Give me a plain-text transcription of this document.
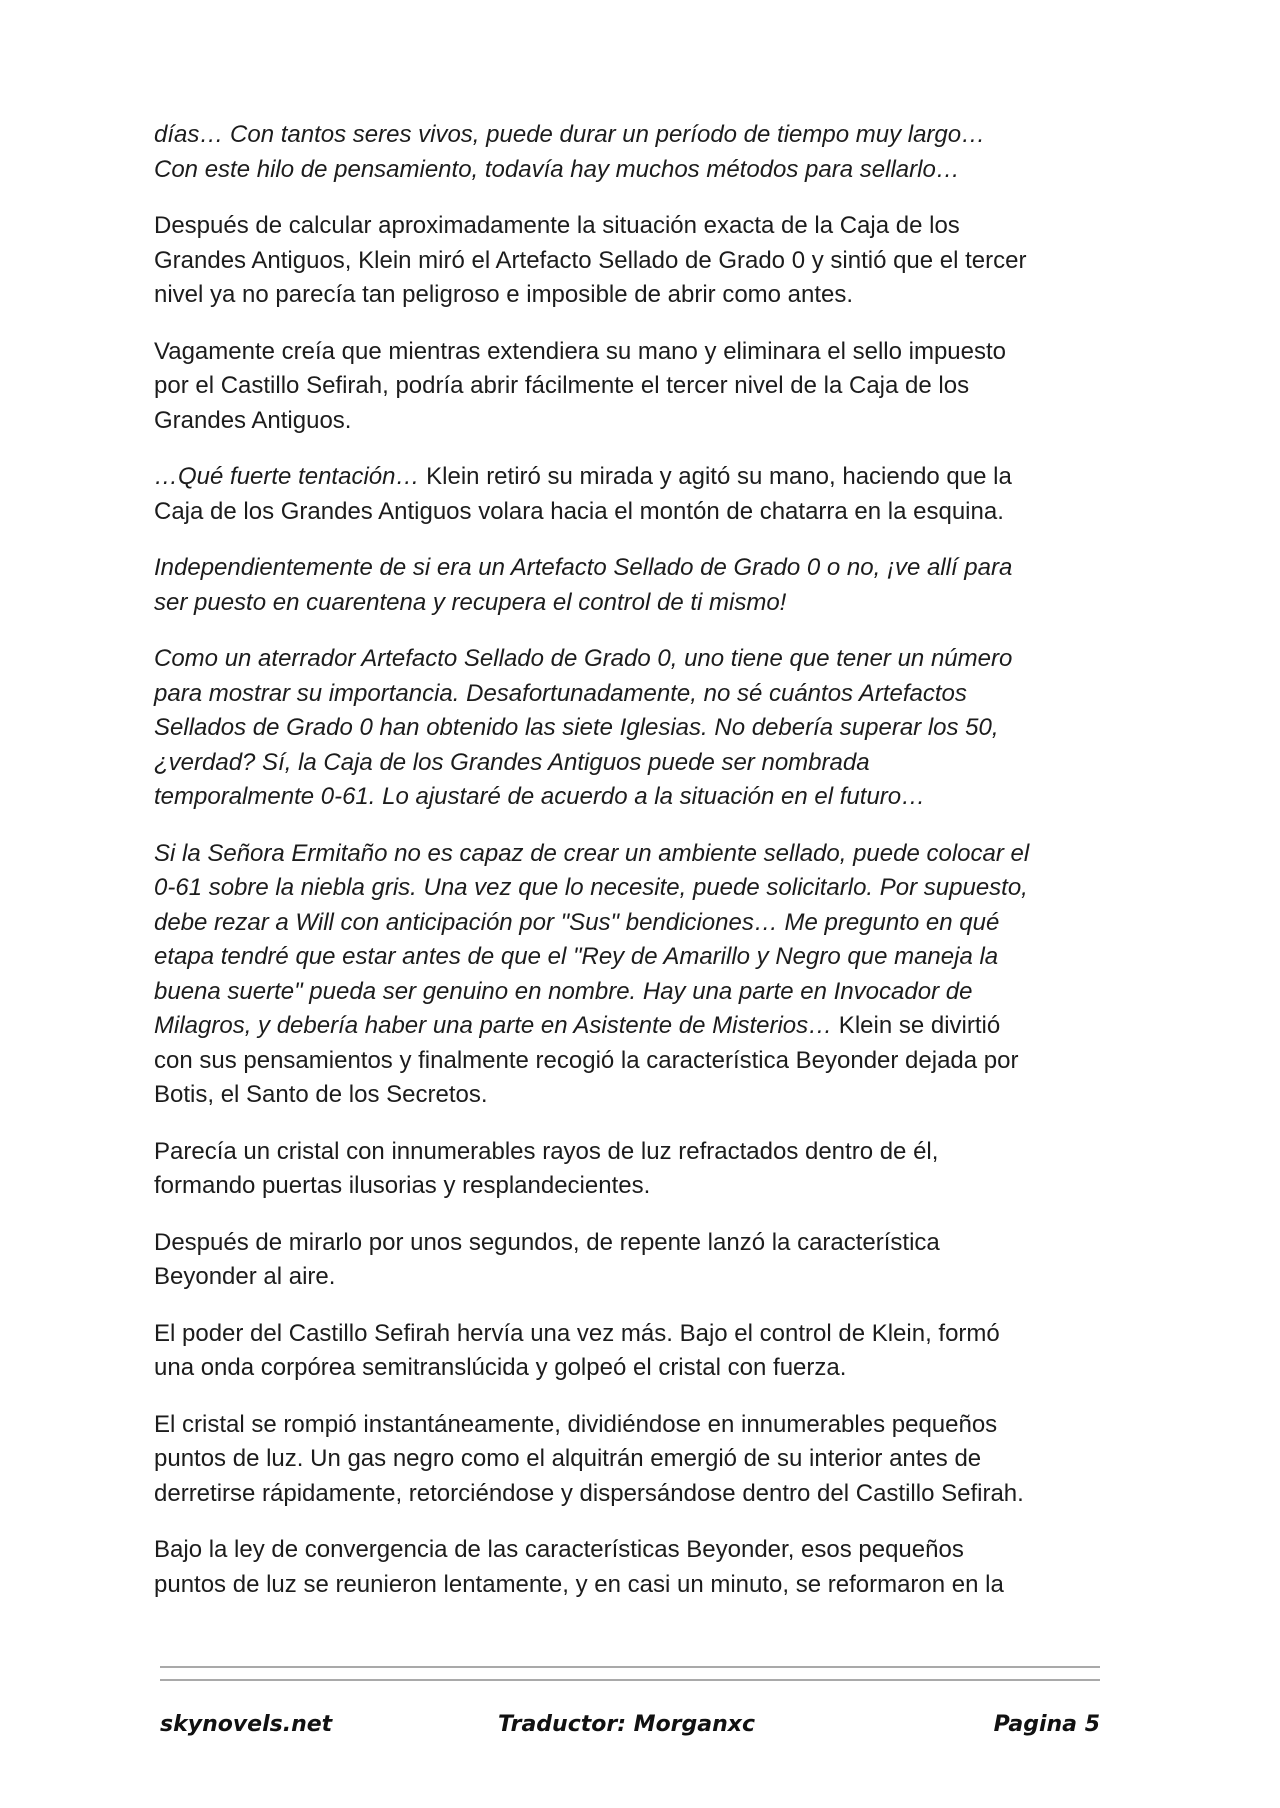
días… Con tantos seres vivos, puede durar un período de tiempo muy largo…
Con este hilo de pensamiento, todavía hay muchos métodos para sellarlo…

Después de calcular aproximadamente la situación exacta de la Caja de los
Grandes Antiguos, Klein miró el Artefacto Sellado de Grado 0 y sintió que el tercer
nivel ya no parecía tan peligroso e imposible de abrir como antes.

Vagamente creía que mientras extendiera su mano y eliminara el sello impuesto
por el Castillo Sefirah, podría abrir fácilmente el tercer nivel de la Caja de los
Grandes Antiguos.

…Qué fuerte tentación… Klein retiró su mirada y agitó su mano, haciendo que la
Caja de los Grandes Antiguos volara hacia el montón de chatarra en la esquina.

Independientemente de si era un Artefacto Sellado de Grado 0 o no, ¡ve allí para
ser puesto en cuarentena y recupera el control de ti mismo!

Como un aterrador Artefacto Sellado de Grado 0, uno tiene que tener un número
para mostrar su importancia. Desafortunadamente, no sé cuántos Artefactos
Sellados de Grado 0 han obtenido las siete Iglesias. No debería superar los 50,
¿verdad? Sí, la Caja de los Grandes Antiguos puede ser nombrada
temporalmente 0-61. Lo ajustaré de acuerdo a la situación en el futuro…

Si la Señora Ermitaño no es capaz de crear un ambiente sellado, puede colocar el
0-61 sobre la niebla gris. Una vez que lo necesite, puede solicitarlo. Por supuesto,
debe rezar a Will con anticipación por "Sus" bendiciones… Me pregunto en qué
etapa tendré que estar antes de que el "Rey de Amarillo y Negro que maneja la
buena suerte" pueda ser genuino en nombre. Hay una parte en Invocador de
Milagros, y debería haber una parte en Asistente de Misterios… Klein se divirtió
con sus pensamientos y finalmente recogió la característica Beyonder dejada por
Botis, el Santo de los Secretos.

Parecía un cristal con innumerables rayos de luz refractados dentro de él,
formando puertas ilusorias y resplandecientes.

Después de mirarlo por unos segundos, de repente lanzó la característica
Beyonder al aire.

El poder del Castillo Sefirah hervía una vez más. Bajo el control de Klein, formó
una onda corpórea semitranslúcida y golpeó el cristal con fuerza.

El cristal se rompió instantáneamente, dividiéndose en innumerables pequeños
puntos de luz. Un gas negro como el alquitrán emergió de su interior antes de
derretirse rápidamente, retorciéndose y dispersándose dentro del Castillo Sefirah.

Bajo la ley de convergencia de las características Beyonder, esos pequeños
puntos de luz se reunieron lentamente, y en casi un minuto, se reformaron en la

skynovels.net	Traductor: Morganxc	Pagina 5
